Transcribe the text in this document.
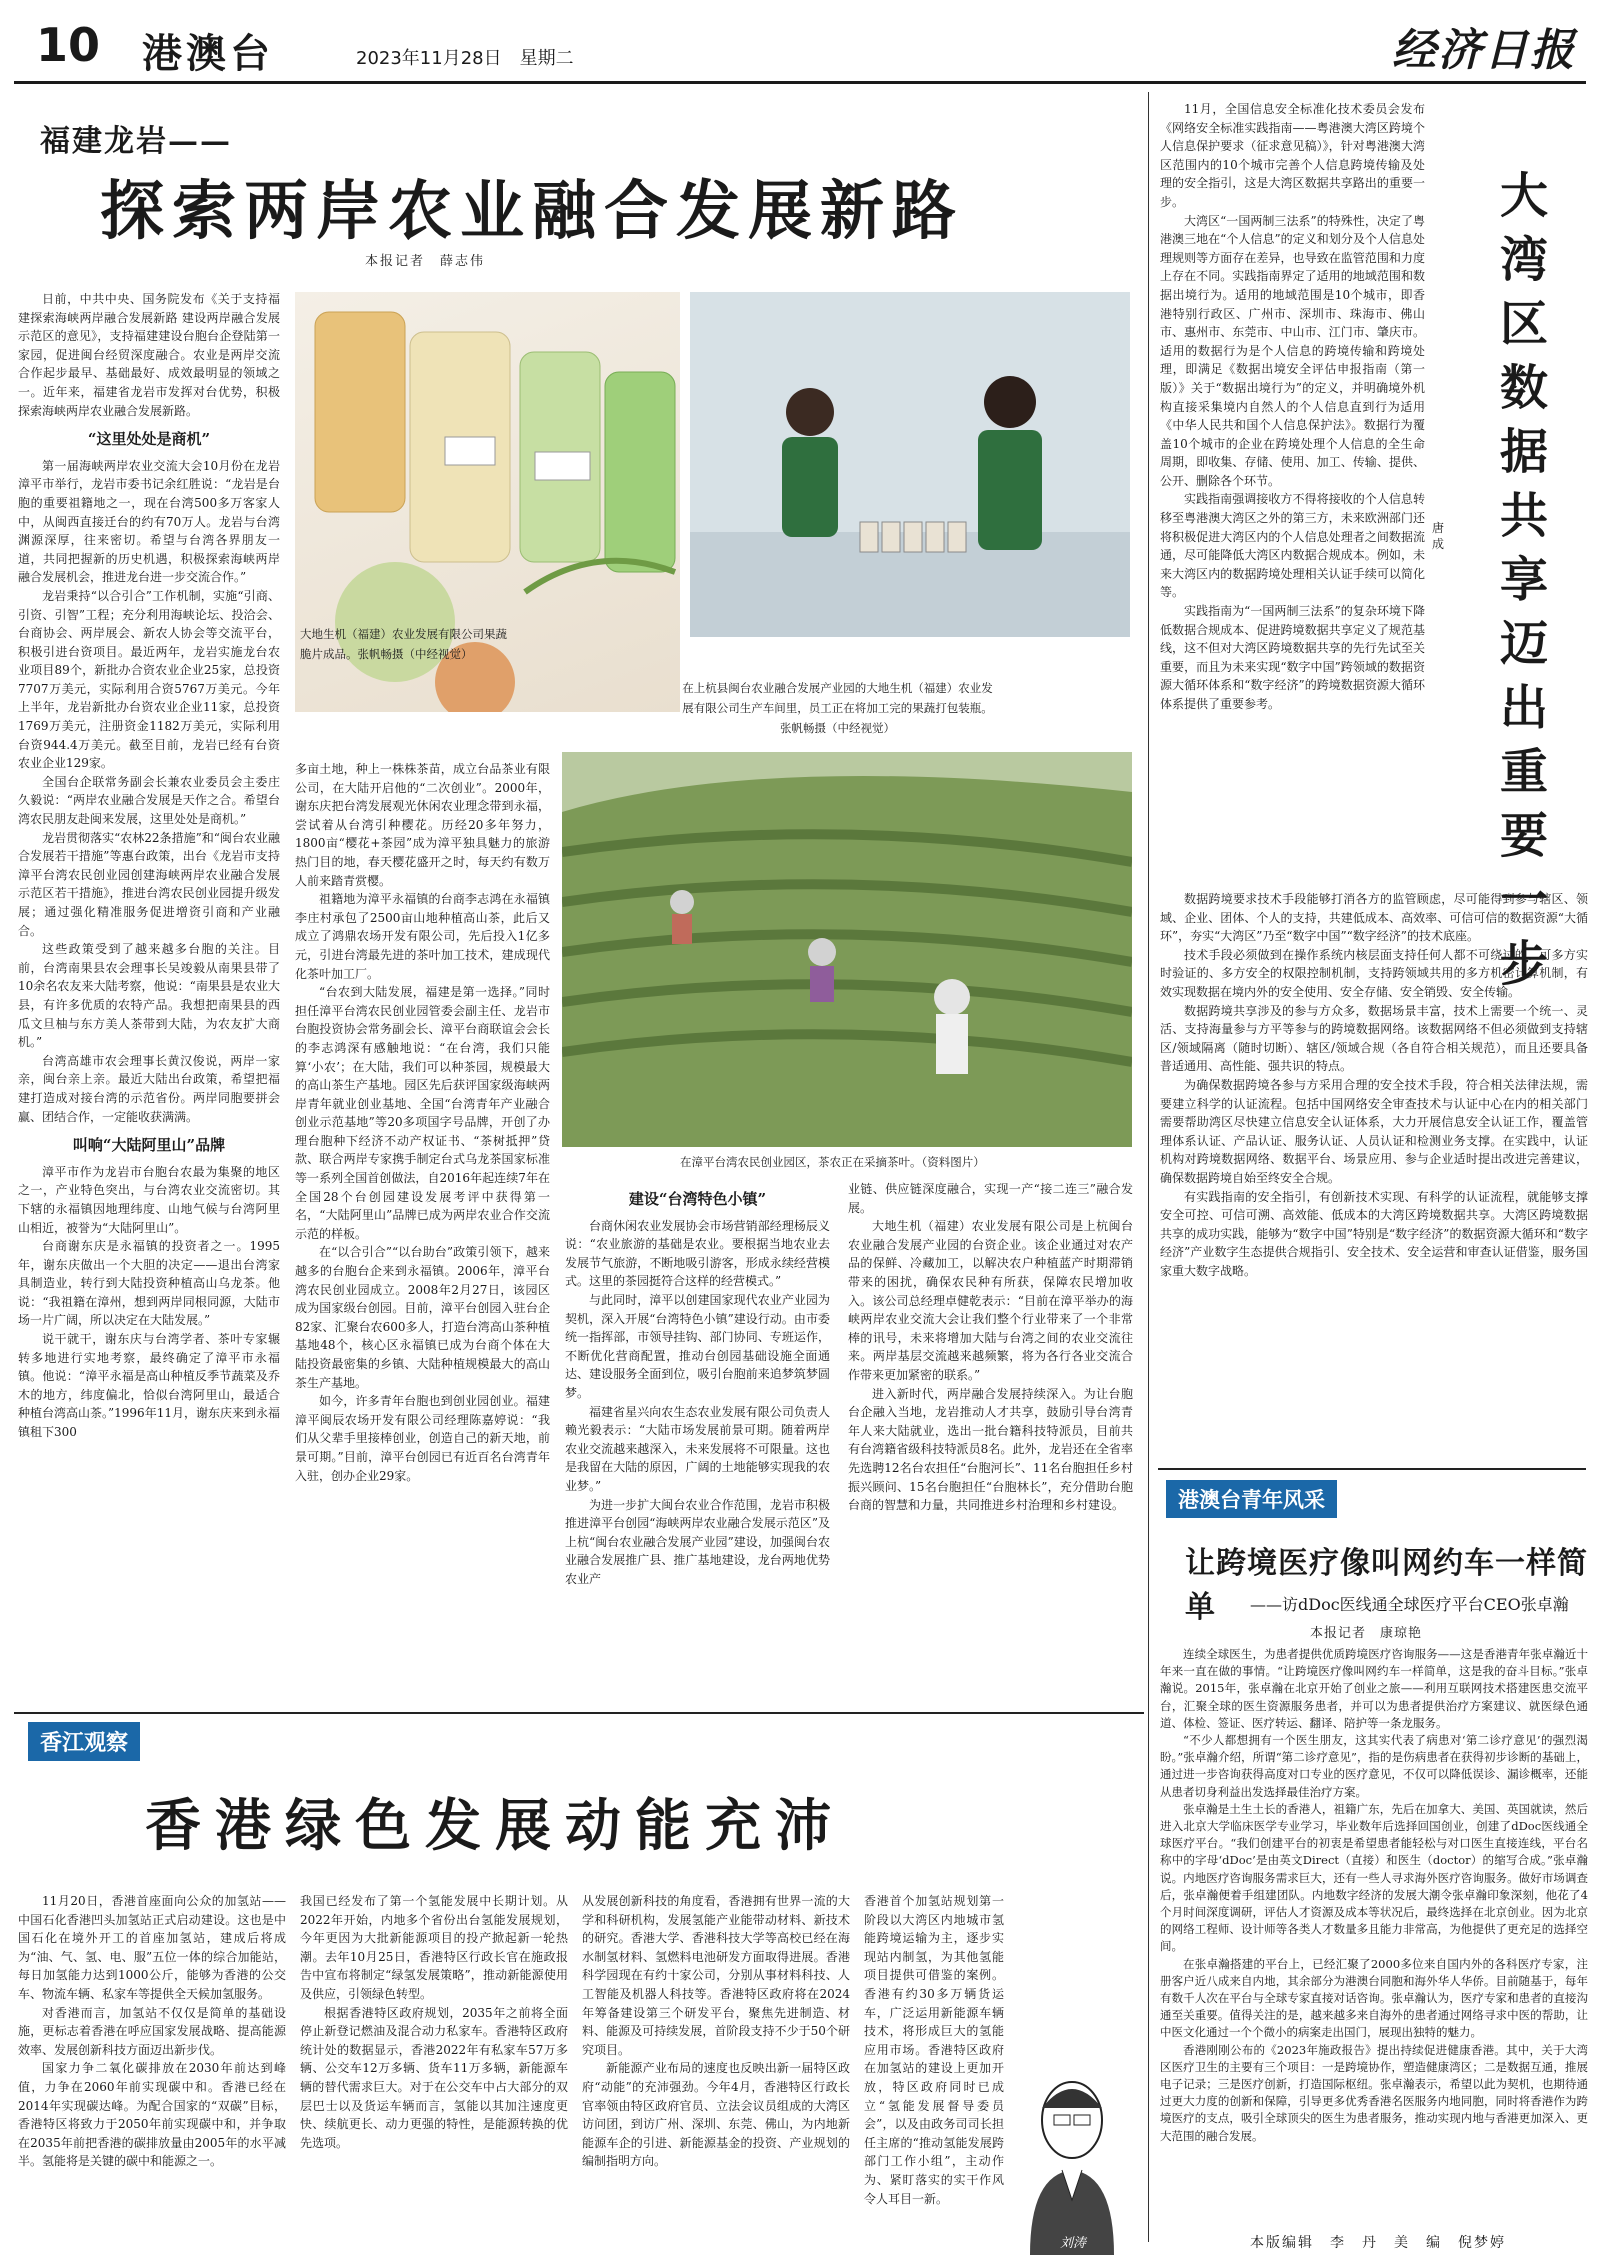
10 港澳台	2023年11月28日　星期二	经济日报
福建龙岩——
探索两岸农业融合发展新路
本报记者　薛志伟

日前，中共中央、国务院发布《关于支持福建探索海峡两岸融合发展新路 建设两岸融合发展示范区的意见》，支持福建建设台胞台企登陆第一家园，促进闽台经贸深度融合。农业是两岸交流合作起步最早、基础最好、成效最明显的领域之一。近年来，福建省龙岩市发挥对台优势，积极探索海峡两岸农业融合发展新路。

“这里处处是商机”

第一届海峡两岸农业交流大会10月份在龙岩漳平市举行，龙岩市委书记余红胜说：“龙岩是台胞的重要祖籍地之一，现在台湾500多万客家人中，从闽西直接迁台的约有70万人。龙岩与台湾渊源深厚，往来密切。希望与台湾各界朋友一道，共同把握新的历史机遇，积极探索海峡两岸融合发展机会，推进龙台进一步交流合作。”

龙岩秉持“以合引合”工作机制，实施“引商、引资、引智”工程；充分利用海峡论坛、投洽会、台商协会、两岸展会、新农人协会等交流平台，积极引进台资项目。最近两年，龙岩实施龙台农业项目89个，新批办合资农业企业25家，总投资7707万美元，实际利用合资5767万美元。今年上半年，龙岩新批办台资农业企业11家，总投资1769万美元，注册资金1182万美元，实际利用台资944.4万美元。截至目前，龙岩已经有台资农业企业129家。

全国台企联常务副会长兼农业委员会主委庄久毅说：“两岸农业融合发展是天作之合。希望台湾农民朋友赴闽来发展，这里处处是商机。”

龙岩贯彻落实“农林22条措施”和“闽台农业融合发展若干措施”等惠台政策，出台《龙岩市支持漳平台湾农民创业园创建海峡两岸农业融合发展示范区若干措施》，推进台湾农民创业园提升级发展；通过强化精准服务促进增资引商和产业融合。

这些政策受到了越来越多台胞的关注。目前，台湾南果县农会理事长吴竣毅从南果县带了10余名农友来大陆考察，他说：“南果县是农业大县，有许多优质的农特产品。我想把南果县的西瓜文旦柚与东方美人茶带到大陆，为农友扩大商机。”

台湾高雄市农会理事长黄汉俊说，两岸一家亲，闽台亲上亲。最近大陆出台政策，希望把福建打造成对接台湾的示范省份。两岸同胞要拼会赢、团结合作，一定能收获满满。

叫响“大陆阿里山”品牌

漳平市作为龙岩市台胞台农最为集聚的地区之一，产业特色突出，与台湾农业交流密切。其下辖的永福镇因地理纬度、山地气候与台湾阿里山相近，被誉为“大陆阿里山”。

台商谢东庆是永福镇的投资者之一。1995年，谢东庆做出一个大胆的决定——退出台湾家具制造业，转行到大陆投资种植高山乌龙茶。他说：“我祖籍在漳州，想到两岸同根同源，大陆市场一片广阔，所以决定在大陆发展。”

说干就干，谢东庆与台湾学者、茶叶专家辗转多地进行实地考察，最终确定了漳平市永福镇。他说：“漳平永福是高山种植反季节蔬菜及乔木的地方，纬度偏北，恰似台湾阿里山，最适合种植台湾高山茶。”1996年11月，谢东庆来到永福镇租下300

大地生机（福建）农业发展有限公司果蔬脆片成品。张帆畅摄（中经视觉）
在上杭县闽台农业融合发展产业园的大地生机（福建）农业发展有限公司生产车间里，员工正在将加工完的果蔬打包装瓶。张帆畅摄（中经视觉）
在漳平台湾农民创业园区，茶农正在采摘茶叶。（资料图片）

多亩土地，种上一株株茶苗，成立台品茶业有限公司，在大陆开启他的“二次创业”。2000年，谢东庆把台湾发展观光休闲农业理念带到永福，尝试着从台湾引种樱花。历经20多年努力，1800亩“樱花+茶园”成为漳平独具魅力的旅游热门目的地，春天樱花盛开之时，每天约有数万人前来踏青赏樱。

祖籍地为漳平永福镇的台商李志鸿在永福镇李庄村承包了2500亩山地种植高山茶，此后又成立了鸿鼎农场开发有限公司，先后投入1亿多元，引进台湾最先进的茶叶加工技术，建成现代化茶叶加工厂。

“台农到大陆发展，福建是第一选择。”同时担任漳平台湾农民创业园管委会副主任、龙岩市台胞投资协会常务副会长、漳平台商联谊会会长的李志鸿深有感触地说：“在台湾，我们只能算‘小农’；在大陆，我们可以种茶园，规模最大的高山茶生产基地。园区先后获评国家级海峡两岸青年就业创业基地、全国“台湾青年产业融合创业示范基地”等20多项国字号品牌，开创了办理台胞种下经济不动产权证书、“茶树抵押”贷款、联合两岸专家携手制定台式乌龙茶国家标准等一系列全国首创做法，自2016年起连续7年在全国28个台创园建设发展考评中获得第一名，“大陆阿里山”品牌已成为两岸农业合作交流示范的样板。

在“以合引合”“以台助台”政策引领下，越来越多的台胞台企来到永福镇。2006年，漳平台湾农民创业园成立。2008年2月27日，该园区成为国家级台创园。目前，漳平台创园入驻台企82家、汇聚台农600多人，打造台湾高山茶种植基地48个，核心区永福镇已成为台商个体在大陆投资最密集的乡镇、大陆种植规模最大的高山茶生产基地。

如今，许多青年台胞也到创业园创业。福建漳平闽辰农场开发有限公司经理陈嘉婷说：“我们从父辈手里接棒创业，创造自己的新天地，前景可期。”目前，漳平台创园已有近百名台湾青年入驻，创办企业29家。

建设“台湾特色小镇”

台商休闲农业发展协会市场营销部经理杨辰义说：“农业旅游的基础是农业。要根据当地农业去发展节气旅游，不断地吸引游客，形成永续经营模式。这里的茶园挺符合这样的经营模式。”

与此同时，漳平以创建国家现代农业产业园为契机，深入开展“台湾特色小镇”建设行动。由市委统一指挥部，市领导挂钩、部门协同、专班运作，不断优化营商配置，推动台创园基础设施全面通达、建设服务全面到位，吸引台胞前来追梦筑梦圆梦。

福建省星兴向农生态农业发展有限公司负责人赖光毅表示：“大陆市场发展前景可期。随着两岸农业交流越来越深入，未来发展将不可限量。这也是我留在大陆的原因，广阔的土地能够实现我的农业梦。”

为进一步扩大闽台农业合作范围，龙岩市积极推进漳平台创园“海峡两岸农业融合发展示范区”及上杭“闽台农业融合发展产业园”建设，加强闽台农业融合发展推广县、推广基地建设，龙台两地优势农业产

业链、供应链深度融合，实现一产“接二连三”融合发展。

大地生机（福建）农业发展有限公司是上杭闽台农业融合发展产业园的台资企业。该企业通过对农产品的保鲜、冷藏加工，以解决农户种植蓝产时期滞销带来的困扰，确保农民种有所获，保障农民增加收入。该公司总经理卓健乾表示：“目前在漳平举办的海峡两岸农业交流大会让我们整个行业带来了一个非常棒的讯号，未来将增加大陆与台湾之间的农业交流往来。两岸基层交流越来越频繁，将为各行各业交流合作带来更加紧密的联系。”

进入新时代，两岸融合发展持续深入。为让台胞台企融入当地，龙岩推动人才共享，鼓励引导台湾青年人来大陆就业，选出一批台籍科技特派员，目前共有台湾籍省级科技特派员8名。此外，龙岩还在全省率先选聘12名台农担任“台胞河长”、11名台胞担任乡村振兴顾问、15名台胞担任“台胞林长”，充分借助台胞台商的智慧和力量，共同推进乡村治理和乡村建设。

香江观察
香港绿色发展动能充沛

11月20日，香港首座面向公众的加氢站——中国石化香港凹头加氢站正式启动建设。这也是中国石化在境外开工的首座加氢站，建成后将成为“油、气、氢、电、服”五位一体的综合加能站，每日加氢能力达到1000公斤，能够为香港的公交车、物流车辆、私家车等提供全天候加氢服务。

对香港而言，加氢站不仅仅是简单的基础设施，更标志着香港在呼应国家发展战略、提高能源效率、发展创新科技方面迈出新步伐。

国家力争二氧化碳排放在2030年前达到峰值，力争在2060年前实现碳中和。香港已经在2014年实现碳达峰。为配合国家的“双碳”目标，香港特区将致力于2050年前实现碳中和，并争取在2035年前把香港的碳排放量由2005年的水平减半。氢能将是关键的碳中和能源之一。

我国已经发布了第一个氢能发展中长期计划。从2022年开始，内地多个省份出台氢能发展规划，今年更因为大批新能源项目的投产掀起新一轮热潮。去年10月25日，香港特区行政长官在施政报告中宣布将制定“绿氢发展策略”，推动新能源使用及供应，引领绿色转型。

根据香港特区政府规划，2035年之前将全面停止新登记燃油及混合动力私家车。香港特区政府统计处的数据显示，香港2022年有私家车57万多辆、公交车12万多辆、货车11万多辆，新能源车辆的替代需求巨大。对于在公交车中占大部分的双层巴士以及货运车辆而言，氢能以其加注速度更快、续航更长、动力更强的特性，是能源转换的优先选项。

从发展创新科技的角度看，香港拥有世界一流的大学和科研机构，发展氢能产业能带动材料、新技术的研究。香港大学、香港科技大学等高校已经在海水制氢材料、氢燃料电池研发方面取得进展。香港科学园现在有约十家公司，分别从事材料科技、人工智能及机器人科技等。香港特区政府将在2024年筹备建设第三个研发平台，聚焦先进制造、材料、能源及可持续发展，首阶段支持不少于50个研究项目。

新能源产业布局的速度也反映出新一届特区政府“动能”的充沛强劲。今年4月，香港特区行政长官率领由特区政府官员、立法会议员组成的大湾区访问团，到访广州、深圳、东莞、佛山，为内地新能源车企的引进、新能源基金的投资、产业规划的编制指明方向。

香港首个加氢站规划第一阶段以大湾区内地城市氢能跨境运输为主，逐步实现站内制氢，为其他氢能项目提供可借鉴的案例。香港有约30多万辆货运车，广泛运用新能源车辆技术，将形成巨大的氢能应用市场。香港特区政府在加氢站的建设上更加开放，特区政府同时已成立“氢能发展督导委员会”，以及由政务司司长担任主席的“推动氢能发展跨部门工作小组”，主动作为、紧盯落实的实干作风令人耳目一新。

刘涛

11月，全国信息安全标准化技术委员会发布《网络安全标准实践指南——粤港澳大湾区跨境个人信息保护要求（征求意见稿）》，针对粤港澳大湾区范围内的10个城市完善个人信息跨境传输及处理的安全指引，这是大湾区数据共享路出的重要一步。

大湾区“一国两制三法系”的特殊性，决定了粤港澳三地在“个人信息”的定义和划分及个人信息处理规则等方面存在差异，也导致在监管范围和力度上存在不同。实践指南界定了适用的地域范围和数据出境行为。适用的地域范围是10个城市，即香港特别行政区、广州市、深圳市、珠海市、佛山市、惠州市、东莞市、中山市、江门市、肇庆市。适用的数据行为是个人信息的跨境传输和跨境处理，即满足《数据出境安全评估申报指南（第一版）》关于“数据出境行为”的定义，并明确境外机构直接采集境内自然人的个人信息直到行为适用《中华人民共和国个人信息保护法》。数据行为覆盖10个城市的企业在跨境处理个人信息的全生命周期，即收集、存储、使用、加工、传输、提供、公开、删除各个环节。

实践指南强调接收方不得将接收的个人信息转移至粤港澳大湾区之外的第三方，未来欧洲部门还将积极促进大湾区内的个人信息处理者之间数据流通，尽可能降低大湾区内数据合规成本。例如，未来大湾区内的数据跨境处理相关认证手续可以简化等。

实践指南为“一国两制三法系”的复杂环境下降低数据合规成本、促进跨境数据共享定义了规范基线，这不但对大湾区跨境数据共享的先行先试至关重要，而且为未来实现“数字中国”跨领域的数据资源大循环体系和“数字经济”的跨境数据资源大循环体系提供了重要参考。

数据跨境要求技术手段能够打消各方的监管顾虑，尽可能得到参与辖区、领域、企业、团体、个人的支持，共建低成本、高效率、可信可信的数据资源“大循环”，夯实“大湾区”乃至“数字中国”“数字经济”的技术底座。

技术手段必须做到在操作系统内核层面支持任何人都不可绕过的、可多方实时验证的、多方安全的权限控制机制，支持跨领域共用的多方机密计算机制，有效实现数据在境内外的安全使用、安全存储、安全销毁、安全传输。

数据跨境共享涉及的参与方众多，数据场景丰富，技术上需要一个统一、灵活、支持海量参与方平等参与的跨境数据网络。该数据网络不但必须做到支持辖区/领域隔离（随时切断）、辖区/领域合规（各自符合相关规范），而且还要具备普适通用、高性能、强共识的特点。

为确保数据跨境各参与方采用合理的安全技术手段，符合相关法律法规，需要建立科学的认证流程。包括中国网络安全审查技术与认证中心在内的相关部门需要帮助湾区尽快建立信息安全认证体系，大力开展信息安全认证工作，覆盖管理体系认证、产品认证、服务认证、人员认证和检测业务支撑。在实践中，认证机构对跨境数据网络、数据平台、场景应用、参与企业适时提出改进完善建议，确保数据跨境自始至终安全合规。

有实践指南的安全指引，有创新技术实现、有科学的认证流程，就能够支撑安全可控、可信可溯、高效能、低成本的大湾区跨境数据共享。大湾区跨境数据共享的成功实践，能够为“数字中国”特别是“数字经济”的数据资源大循环和“数字经济”产业数字生态提供合规指引、安全技术、安全运营和审查认证借鉴，服务国家重大数字战略。

大湾区数据共享迈出重要一步
唐成
港澳台青年风采
让跨境医疗像叫网约车一样简单	——访dDoc医线通全球医疗平台CEO张卓瀚
本报记者　康琼艳

连续全球医生，为患者提供优质跨境医疗咨询服务——这是香港青年张卓瀚近十年来一直在做的事情。“让跨境医疗像叫网约车一样简单，这是我的奋斗目标。”张卓瀚说。2015年，张卓瀚在北京开始了创业之旅——利用互联网技术搭建医患交流平台，汇聚全球的医生资源服务患者，并可以为患者提供治疗方案建议、就医绿色通道、体检、签证、医疗转运、翻译、陪护等一条龙服务。

“不少人都想拥有一个医生朋友，这其实代表了病患对‘第二诊疗意见’的强烈渴盼。”张卓瀚介绍，所谓“第二诊疗意见”，指的是伤病患者在获得初步诊断的基础上，通过进一步咨询获得高度对口专业的医疗意见，不仅可以降低误诊、漏诊概率，还能从患者切身利益出发选择最佳治疗方案。

张卓瀚是土生土长的香港人，祖籍广东，先后在加拿大、美国、英国就读，然后进入北京大学临床医学专业学习，毕业数年后选择回国创业，创建了dDoc医线通全球医疗平台。“我们创建平台的初衷是希望患者能轻松与对口医生直接连线，平台名称中的字母‘dDoc’是由英文Direct（直接）和医生（doctor）的缩写合成。”张卓瀚说。内地医疗咨询服务需求巨大，还有一些人寻求海外医疗咨询服务。做好市场调查后，张卓瀚便着手组建团队。内地数字经济的发展大潮令张卓瀚印象深刻，他花了4个月时间深度调研，评估人才资源及成本等状况后，最终选择在北京创业。因为北京的网络工程师、设计师等各类人才数量多且能力非常高，为他提供了更充足的选择空间。

在张卓瀚搭建的平台上，已经汇聚了2000多位来自国内外的各科医疗专家，注册客户近八成来自内地，其余部分为港澳台同胞和海外华人华侨。目前随基于，每年有数千人次在平台与全球专家直接对话咨询。张卓瀚认为，医疗专家和患者的直接沟通至关重要。值得关注的是，越来越多来自海外的患者通过网络寻求中医的帮助，让中医文化通过一个个微小的病案走出国门，展现出独特的魅力。

香港刚刚公布的《2023年施政报告》提出持续促进健康香港。其中，关于大湾区医疗卫生的主要有三个项目：一是跨境协作，塑造健康湾区；二是数据互通，推展电子记录；三是医疗创新，打造国际枢纽。张卓瀚表示，希望以此为契机，也期待通过更大力度的创新和保障，引导更多优秀香港名医服务内地同胞，同时将香港作为跨境医疗的支点，吸引全球顶尖的医生为患者服务，推动实现内地与香港更加深入、更大范围的融合发展。

本版编辑　李　丹　美　编　倪梦婷
